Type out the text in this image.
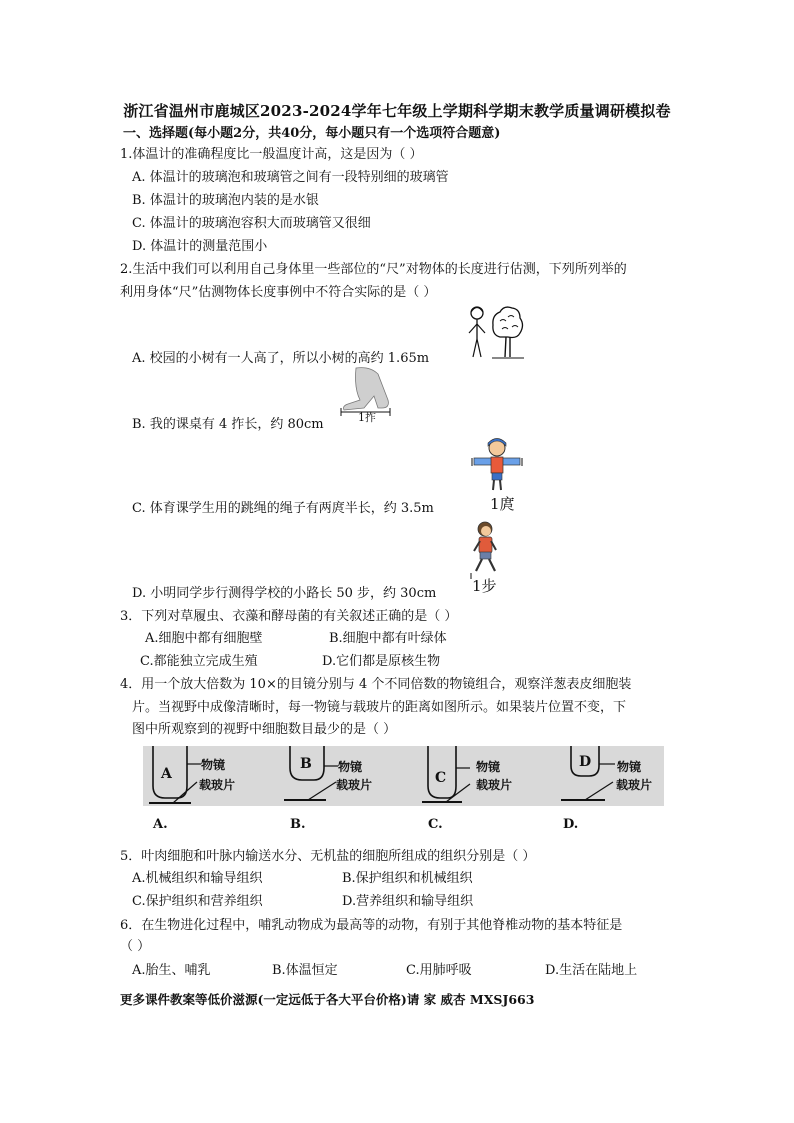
浙江省温州市鹿城区2023-2024学年七年级上学期科学期末教学质量调研模拟卷
一、选择题(每小题2分，共40分，每小题只有一个选项符合题意)
1.体温计的准确程度比一般温度计高，这是因为（ ）
A. 体温计的玻璃泡和玻璃管之间有一段特别细的玻璃管
B. 体温计的玻璃泡内装的是水银
C. 体温计的玻璃泡容积大而玻璃管又很细
D. 体温计的测量范围小
2.生活中我们可以利用自己身体里一些部位的“尺”对物体的长度进行估测，下列所列举的
利用身体“尺”估测物体长度事例中不符合实际的是（ ）
A. 校园的小树有一人高了，所以小树的高约 1.65m
1拃
B. 我的课桌有 4 拃长，约 80cm
1庹
C. 体育课学生用的跳绳的绳子有两庹半长，约 3.5m
1步
D. 小明同学步行测得学校的小路长 50 步，约 30cm
3．下列对草履虫、衣藻和酵母菌的有关叙述正确的是（ ）
A.细胞中都有细胞壁	B.细胞中都有叶绿体
C.都能独立完成生殖	D.它们都是原核生物
4．用一个放大倍数为 10×的目镜分别与 4 个不同倍数的物镜组合，观察洋葱表皮细胞装
片。当视野中成像清晰时，每一物镜与载玻片的距离如图所示。如果装片位置不变，下
图中所观察到的视野中细胞数目最少的是（ ）
A
A.
物镜
载玻片
B
B.
物镜
载玻片	C
C.
物镜
载玻片
D
D.
物镜
载玻片
5．叶肉细胞和叶脉内输送水分、无机盐的细胞所组成的组织分别是（ ）
A.机械组织和输导组织	B.保护组织和机械组织
C.保护组织和营养组织	D.营养组织和输导组织
6．在生物进化过程中，哺乳动物成为最高等的动物，有别于其他脊椎动物的基本特征是
（ ）
A.胎生、哺乳	B.体温恒定	C.用肺呼吸	D.生活在陆地上
更多课件教案等低价滋源(一定远低于各大平台价格)请 家 威杏 MXSJ663
